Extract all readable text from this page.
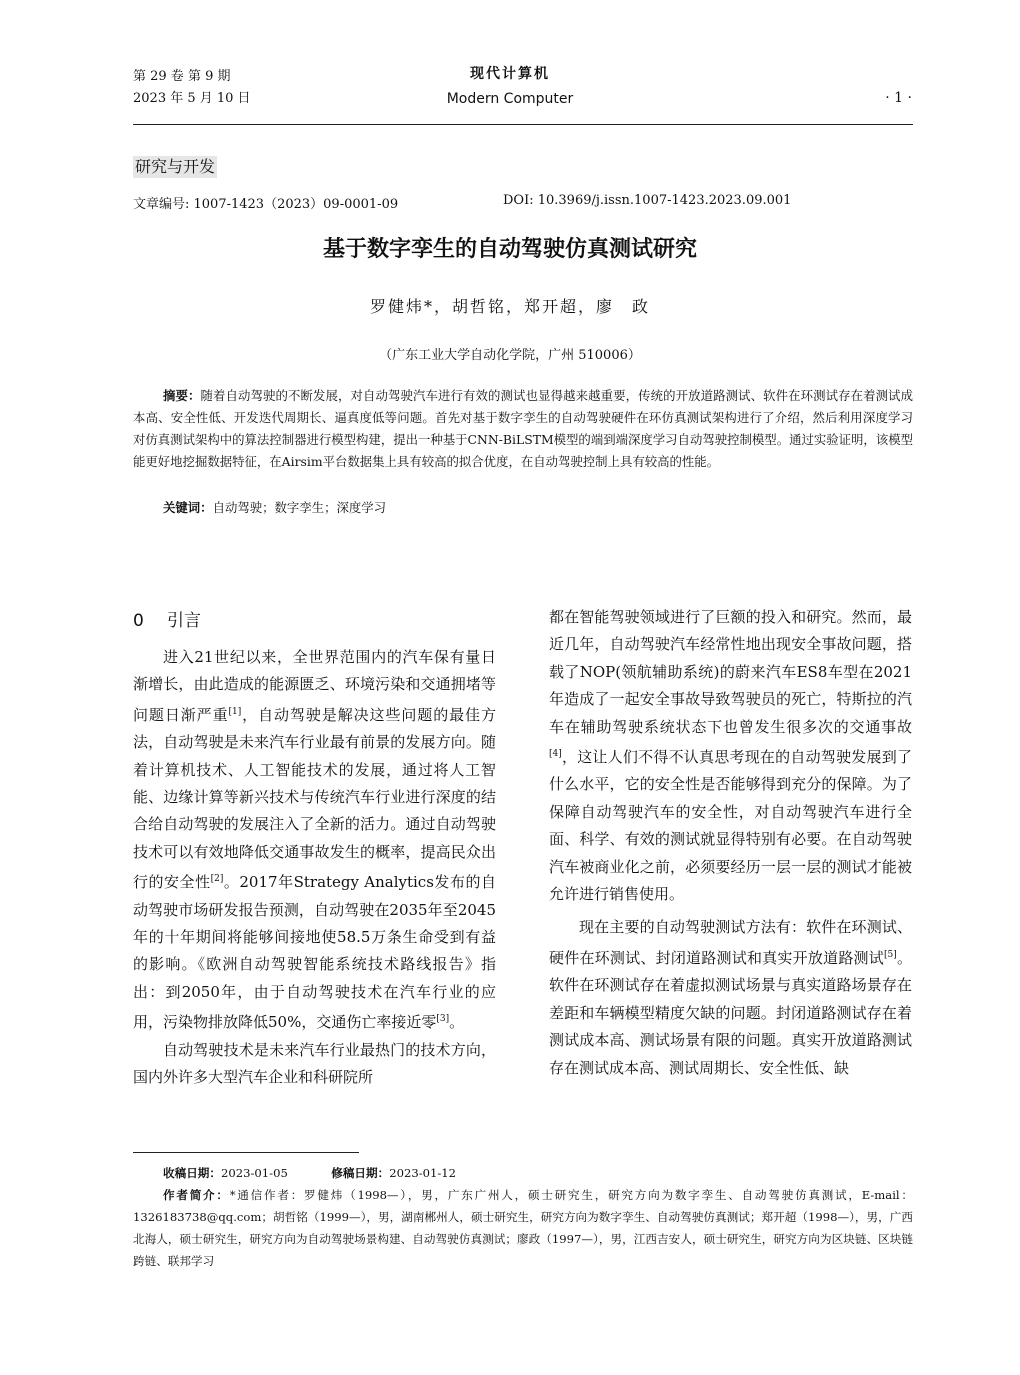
第 29 卷 第 9 期
2023 年 5 月 10 日
现代计算机
Modern Computer	· 1 ·
研究与开发
文章编号: 1007-1423（2023）09-0001-09	DOI: 10.3969/j.issn.1007-1423.2023.09.001
基于数字孪生的自动驾驶仿真测试研究
罗健炜*，胡哲铭，郑开超，廖　政
（广东工业大学自动化学院，广州 510006）
摘要：随着自动驾驶的不断发展，对自动驾驶汽车进行有效的测试也显得越来越重要，传统的开放道路测试、软件在环测试存在着测试成本高、安全性低、开发迭代周期长、逼真度低等问题。首先对基于数字孪生的自动驾驶硬件在环仿真测试架构进行了介绍，然后利用深度学习对仿真测试架构中的算法控制器进行模型构建，提出一种基于CNN-BiLSTM模型的端到端深度学习自动驾驶控制模型。通过实验证明，该模型能更好地挖掘数据特征，在Airsim平台数据集上具有较高的拟合优度，在自动驾驶控制上具有较高的性能。
关键词：自动驾驶；数字孪生；深度学习
0 引言

进入21世纪以来，全世界范围内的汽车保有量日渐增长，由此造成的能源匮乏、环境污染和交通拥堵等问题日渐严重[1]，自动驾驶是解决这些问题的最佳方法，自动驾驶是未来汽车行业最有前景的发展方向。随着计算机技术、人工智能技术的发展，通过将人工智能、边缘计算等新兴技术与传统汽车行业进行深度的结合给自动驾驶的发展注入了全新的活力。通过自动驾驶技术可以有效地降低交通事故发生的概率，提高民众出行的安全性[2]。2017年Strategy Analytics发布的自动驾驶市场研发报告预测，自动驾驶在2035年至2045年的十年期间将能够间接地使58.5万条生命受到有益的影响。《欧洲自动驾驶智能系统技术路线报告》指出：到2050年，由于自动驾驶技术在汽车行业的应用，污染物排放降低50%，交通伤亡率接近零[3]。

自动驾驶技术是未来汽车行业最热门的技术方向，国内外许多大型汽车企业和科研院所

都在智能驾驶领域进行了巨额的投入和研究。然而，最近几年，自动驾驶汽车经常性地出现安全事故问题，搭载了NOP(领航辅助系统)的蔚来汽车ES8车型在2021年造成了一起安全事故导致驾驶员的死亡，特斯拉的汽车在辅助驾驶系统状态下也曾发生很多次的交通事故[4]，这让人们不得不认真思考现在的自动驾驶发展到了什么水平，它的安全性是否能够得到充分的保障。为了保障自动驾驶汽车的安全性，对自动驾驶汽车进行全面、科学、有效的测试就显得特别有必要。在自动驾驶汽车被商业化之前，必须要经历一层一层的测试才能被允许进行销售使用。

现在主要的自动驾驶测试方法有：软件在环测试、硬件在环测试、封闭道路测试和真实开放道路测试[5]。软件在环测试存在着虚拟测试场景与真实道路场景存在差距和车辆模型精度欠缺的问题。封闭道路测试存在着测试成本高、测试场景有限的问题。真实开放道路测试存在测试成本高、测试周期长、安全性低、缺

收稿日期：2023-01-05	修稿日期：2023-01-12
作者简介：*通信作者：罗健炜（1998—），男，广东广州人，硕士研究生，研究方向为数字孪生、自动驾驶仿真测试，E-mail：1326183738@qq.com；胡哲铭（1999—），男，湖南郴州人，硕士研究生，研究方向为数字孪生、自动驾驶仿真测试；郑开超（1998—），男，广西北海人，硕士研究生，研究方向为自动驾驶场景构建、自动驾驶仿真测试；廖政（1997—），男，江西吉安人，硕士研究生，研究方向为区块链、区块链跨链、联邦学习
